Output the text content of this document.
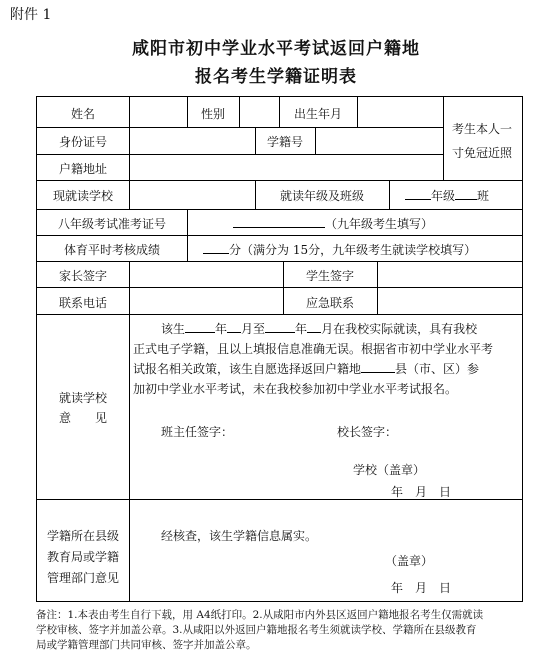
附件 1
咸阳市初中学业水平考试返回户籍地
报名考生学籍证明表
姓名	性别	出生年月
身份证号	学籍号
户籍地址
考生本人一
寸免冠近照
现就读学校	就读年级及班级	年级 班
八年级考试准考证号	（九年级考生填写）
体育平时考核成绩	分（满分为 15分，九年级考生就读学校填写）
家长签字	学生签字
联系电话	应急联系
就读学校
意　　见
该生	年 月至	年 月在我校实际就读，具有我校
正式电子学籍，且以上填报信息准确无误。根据省市初中学业水平考
试报名相关政策，该生自愿选择返回户籍地	县（市、区）参
加初中学业水平考试，未在我校参加初中学业水平考试报名。
班主任签字：	校长签字：
学校（盖章）
年　月　日
学籍所在县级
教育局或学籍
管理部门意见
经核查，该生学籍信息属实。
（盖章）
年　月　日
备注：1.本表由考生自行下载，用 A4纸打印。2.从咸阳市内外县区返回户籍地报名考生仅需就读
学校审核、签字并加盖公章。3.从咸阳以外返回户籍地报名考生须就读学校、学籍所在县级教育
局或学籍管理部门共同审核、签字并加盖公章。
